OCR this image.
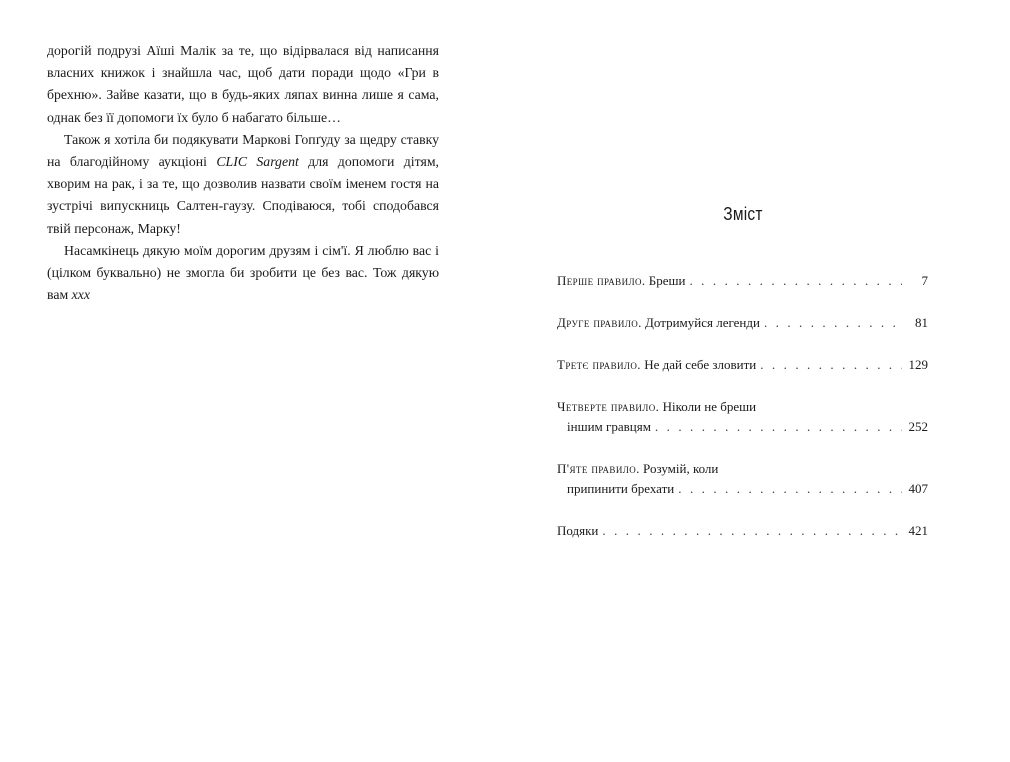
дорогій подрузі Аїші Малік за те, що відірвалася від написання власних книжок і знайшла час, щоб дати поради щодо «Гри в брехню». Зайве казати, що в будь-яких ляпах винна лише я сама, однак без її допомоги їх було б набагато більше…

Також я хотіла би подякувати Маркові Гопґуду за щедру ставку на благодійному аукціоні CLIC Sargent для допомоги дітям, хворим на рак, і за те, що дозволив назвати своїм іменем гостя на зустрічі випускниць Салтен-гаузу. Сподіваюся, тобі сподобався твій персонаж, Марку!

Насамкінець дякую моїм дорогим друзям і сім'ї. Я люблю вас і (цілком буквально) не змогла би зробити це без вас. Тож дякую вам xxx

Зміст
Перше правило.
Бреши . . .	7
Друге правило.
Дотримуйся легенди . . .	81
Третє правило.
Не дай себе зловити . . .	129
Четверте правило.
Ніколи не бреши
іншим гравцям . . .	252
П'яте правило.
Розумій, коли
припинити брехати . . .	407
Подяки . . .	421
